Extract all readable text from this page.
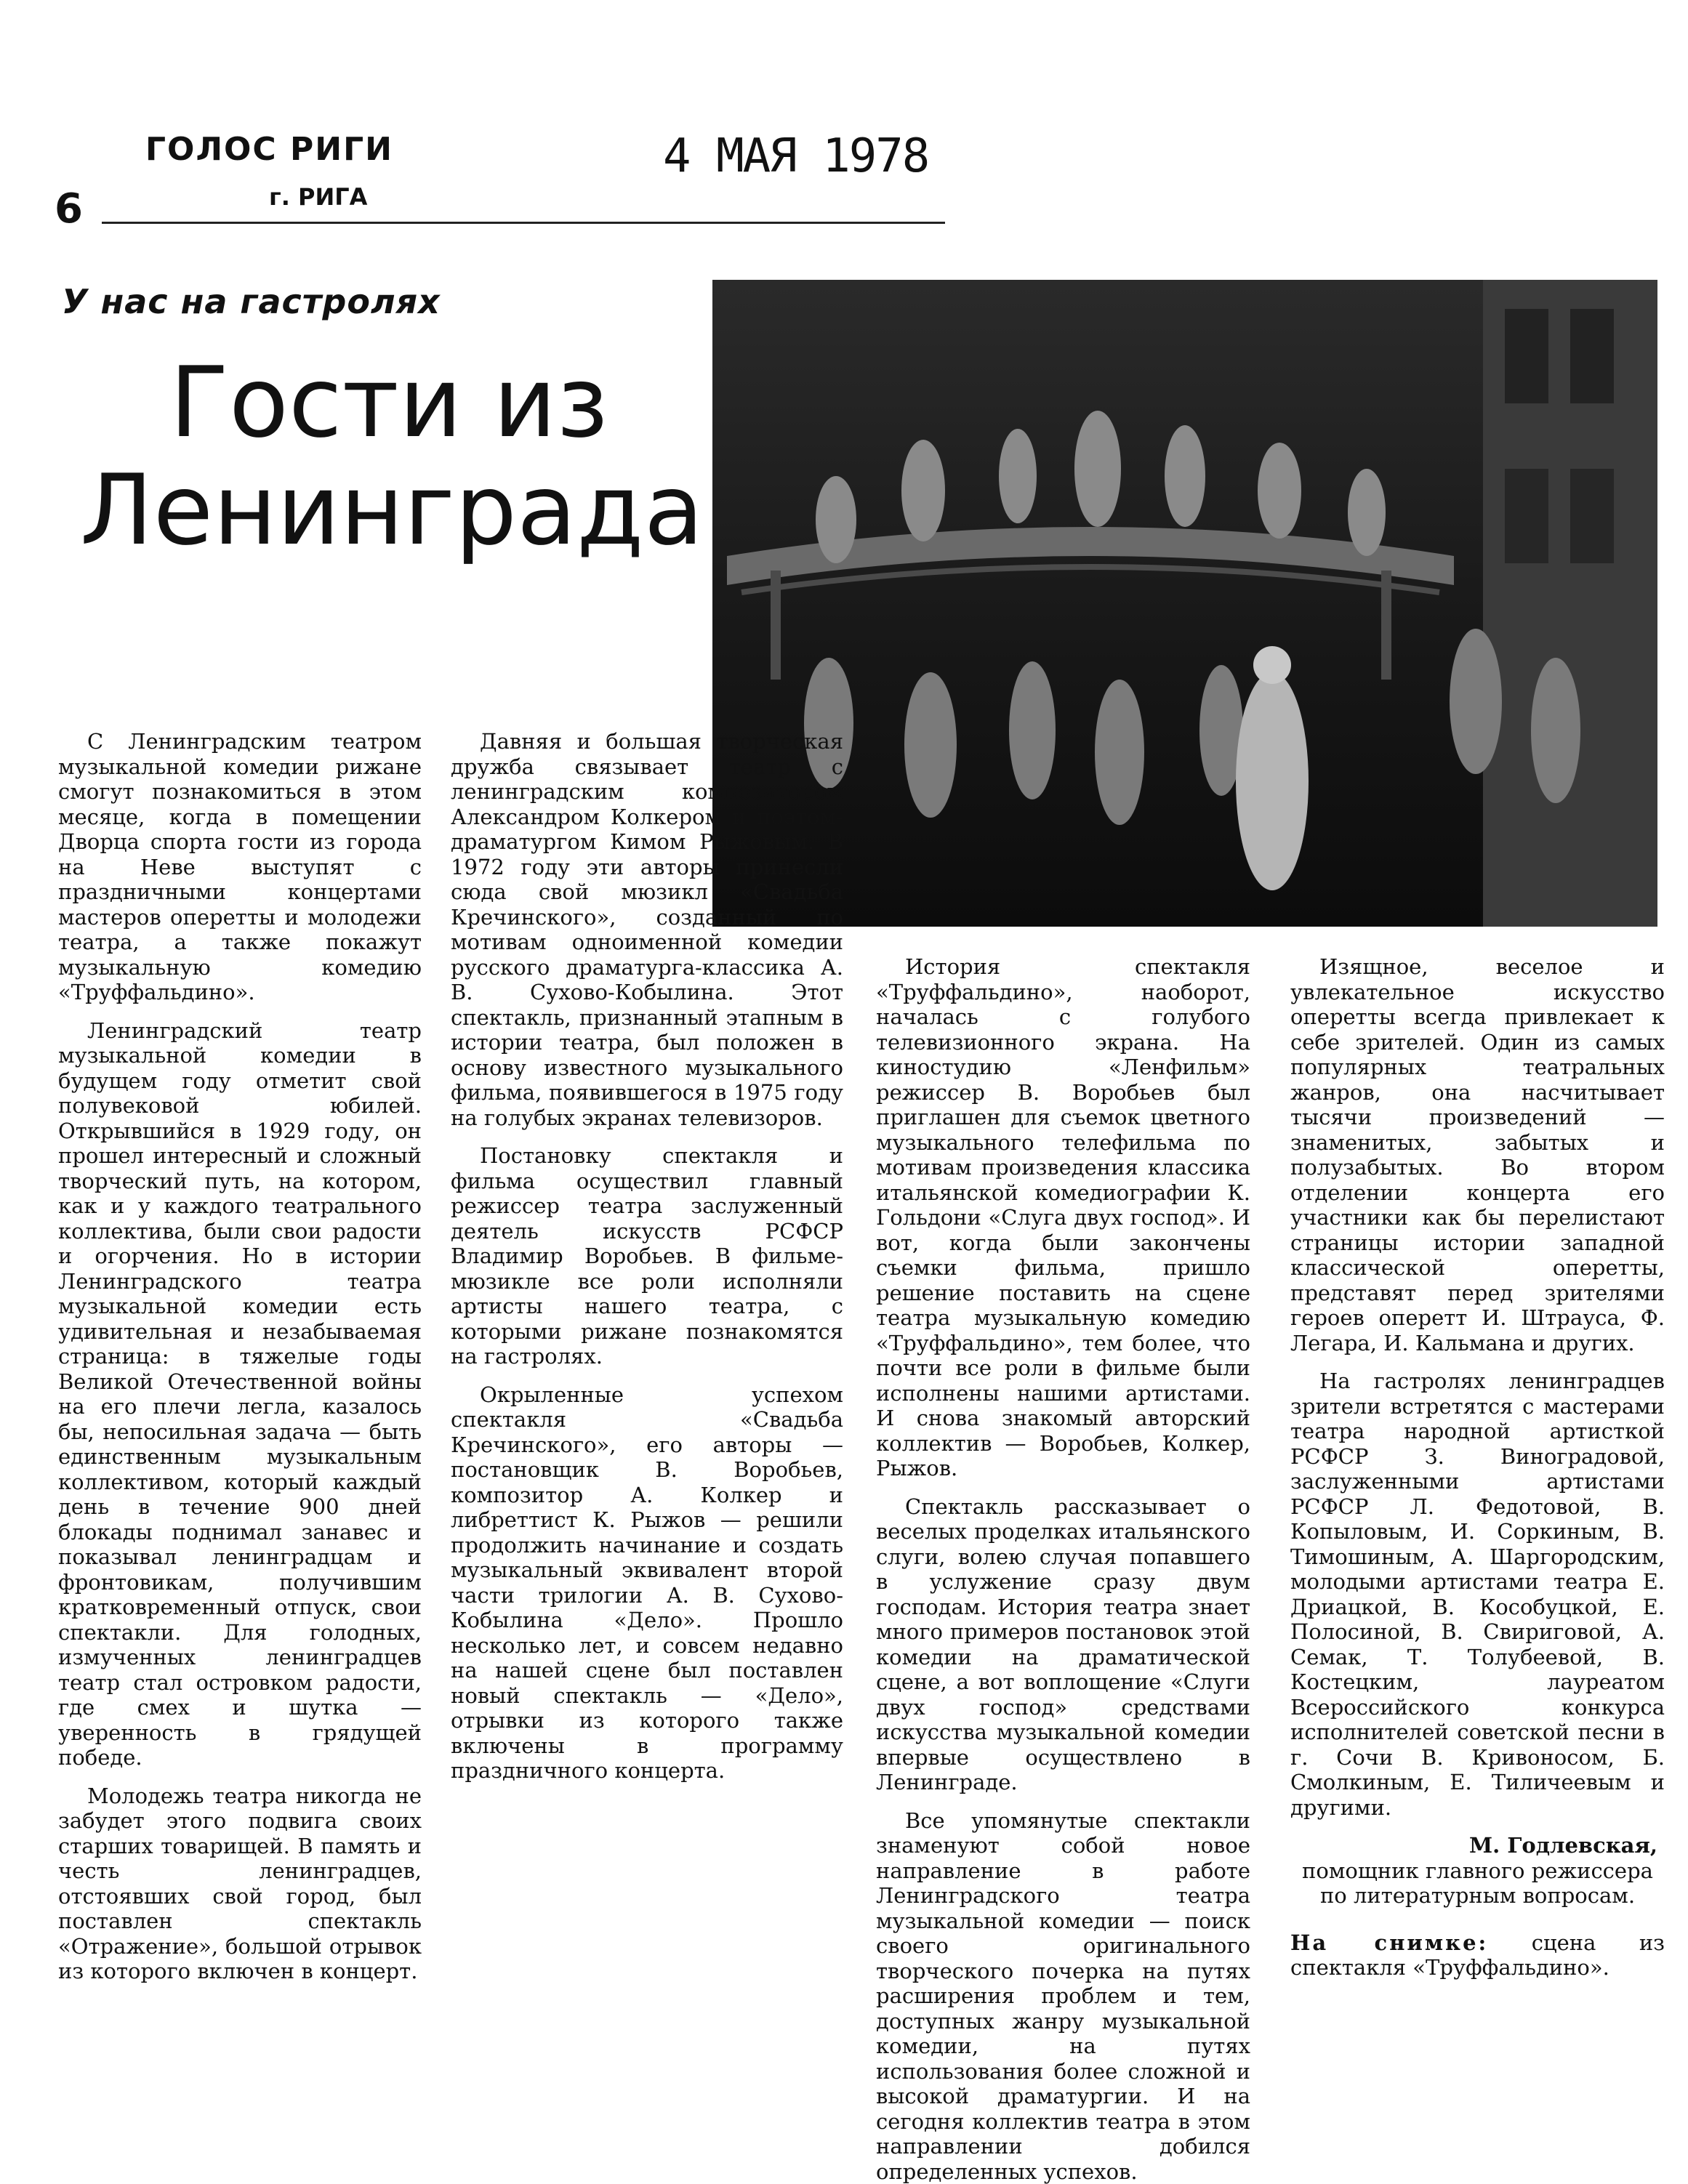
ГОЛОС РИГИ
г. РИГА
4 МАЯ 1978
6
У нас на гастролях
Гости из Ленинграда

С Ленинградским театром музыкальной комедии рижане смогут познакомиться в этом месяце, когда в помещении Дворца спорта гости из города на Неве выступят с праздничными концертами мастеров оперетты и молодежи театра, а также покажут музыкальную комедию «Труффальдино».

Ленинградский театр музыкальной комедии в будущем году отметит свой полувековой юбилей. Открывшийся в 1929 году, он прошел интересный и сложный творческий путь, на котором, как и у каждого театрального коллектива, были свои радости и огорчения. Но в истории Ленинградского театра музыкальной комедии есть удивительная и незабываемая страница: в тяжелые годы Великой Отечественной войны на его плечи легла, казалось бы, непосильная задача — быть единственным музыкальным коллективом, который каждый день в течение 900 дней блокады поднимал занавес и показывал ленинградцам и фронтовикам, получившим кратковременный отпуск, свои спектакли. Для голодных, измученных ленинградцев театр стал островком радости, где смех и шутка — уверенность в грядущей победе.

Молодежь театра никогда не забудет этого подвига своих старших товарищей. В память и честь ленинградцев, отстоявших свой город, был поставлен спектакль «Отражение», большой отрывок из которого включен в концерт.

Давняя и большая творческая дружба связывает театр с ленинградским композитором Александром Колкером и поэтом-драматургом Кимом Рыжовым. В 1972 году эти авторы принесли сюда свой мюзикл «Свадьба Кречинского», созданный по мотивам одноименной комедии русского драматурга-классика А. В. Сухово-Кобылина. Этот спектакль, признанный этапным в истории театра, был положен в основу известного музыкального фильма, появившегося в 1975 году на голубых экранах телевизоров.

Постановку спектакля и фильма осуществил главный режиссер театра заслуженный деятель искусств РСФСР Владимир Воробьев. В фильме-мюзикле все роли исполняли артисты нашего театра, с которыми рижане познакомятся на гастролях.

Окрыленные успехом спектакля «Свадьба Кречинского», его авторы — постановщик В. Воробьев, композитор А. Колкер и либреттист К. Рыжов — решили продолжить начинание и создать музыкальный эквивалент второй части трилогии А. В. Сухово-Кобылина «Дело». Прошло несколько лет, и совсем недавно на нашей сцене был поставлен новый спектакль — «Дело», отрывки из которого также включены в программу праздничного концерта.

История спектакля «Труффальдино», наоборот, началась с голубого телевизионного экрана. На киностудию «Ленфильм» режиссер В. Воробьев был приглашен для съемок цветного музыкального телефильма по мотивам произведения классика итальянской комедиографии К. Гольдони «Слуга двух господ». И вот, когда были закончены съемки фильма, пришло решение поставить на сцене театра музыкальную комедию «Труффальдино», тем более, что почти все роли в фильме были исполнены нашими артистами. И снова знакомый авторский коллектив — Воробьев, Колкер, Рыжов.

Спектакль рассказывает о веселых проделках итальянского слуги, волею случая попавшего в услужение сразу двум господам. История театра знает много примеров постановок этой комедии на драматической сцене, а вот воплощение «Слуги двух господ» средствами искусства музыкальной комедии впервые осуществлено в Ленинграде.

Все упомянутые спектакли знаменуют собой новое направление в работе Ленинградского театра музыкальной комедии — поиск своего оригинального творческого почерка на путях расширения проблем и тем, доступных жанру музыкальной комедии, на путях использования более сложной и высокой драматургии. И на сегодня коллектив театра в этом направлении добился определенных успехов.

Изящное, веселое и увлекательное искусство оперетты всегда привлекает к себе зрителей. Один из самых популярных театральных жанров, она насчитывает тысячи произведений — знаменитых, забытых и полузабытых. Во втором отделении концерта его участники как бы перелистают страницы истории западной классической оперетты, представят перед зрителями героев оперетт И. Штрауса, Ф. Легара, И. Кальмана и других.

На гастролях ленинградцев зрители встретятся с мастерами театра народной артисткой РСФСР З. Виноградовой, заслуженными артистами РСФСР Л. Федотовой, В. Копыловым, И. Соркиным, В. Тимошиным, А. Шаргородским, молодыми артистами театра Е. Дриацкой, В. Кособуцкой, Е. Полосиной, В. Свириговой, А. Семак, Т. Толубеевой, В. Костецким, лауреатом Всероссийского конкурса исполнителей советской песни в г. Сочи В. Кривоносом, Б. Смолкиным, Е. Тиличеевым и другими.

М. Годлевская,
помощник главного режиссера по литературным вопросам.
На снимке: сцена из спектакля «Труффальдино».
